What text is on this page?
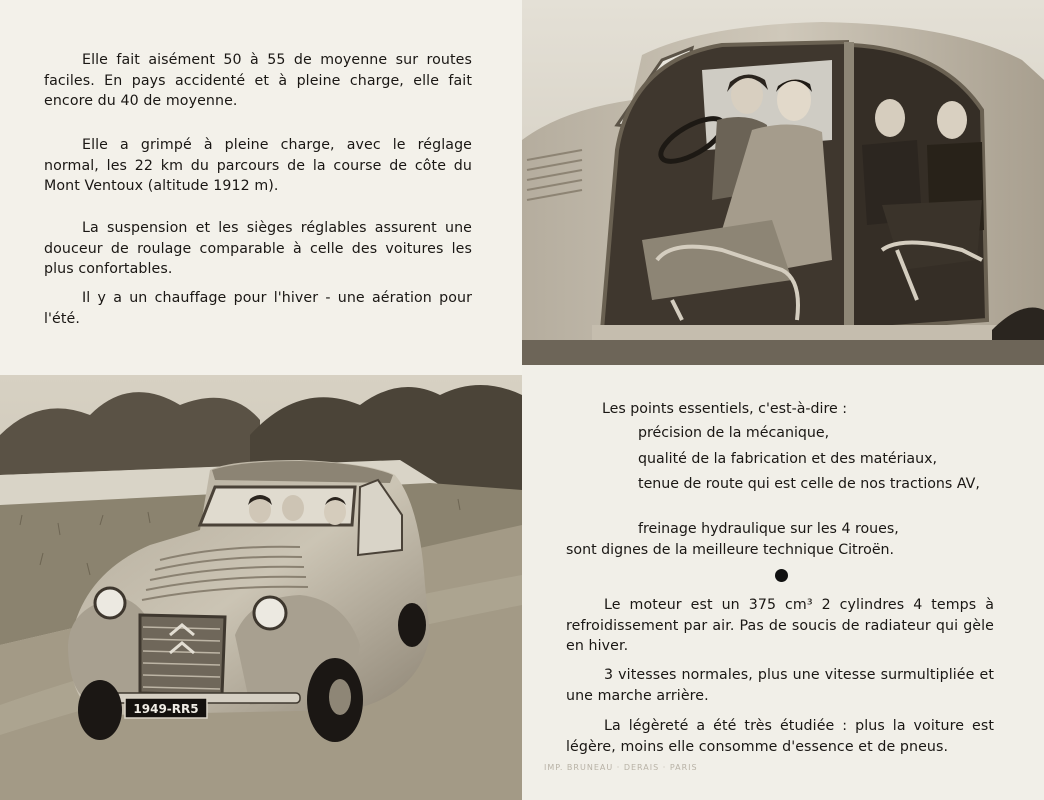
Elle fait aisément 50 à 55 de moyenne sur routes faciles. En pays accidenté et à pleine charge, elle fait encore du 40 de moyenne.

Elle a grimpé à pleine charge, avec le réglage normal, les 22 km du parcours de la course de côte du Mont Ventoux (altitude 1912 m).

La suspension et les sièges réglables assurent une douceur de roulage comparable à celle des voitures les plus confortables.

Il y a un chauffage pour l'hiver - une aération pour l'été.

1949-RR5

Les points essentiels, c'est-à-dire :

précision de la mécanique,

qualité de la fabrication et des matériaux,

tenue de route qui est celle de nos tractions AV,

freinage hydraulique sur les 4 roues,

sont dignes de la meilleure technique Citroën.

Le moteur est un 375 cm³ 2 cylindres 4 temps à refroidissement par air. Pas de soucis de radiateur qui gèle en hiver.

3 vitesses normales, plus une vitesse surmultipliée et une marche arrière.

La légèreté a été très étudiée : plus la voiture est légère, moins elle consomme d'essence et de pneus.

IMP. BRUNEAU · DERAIS · PARIS
